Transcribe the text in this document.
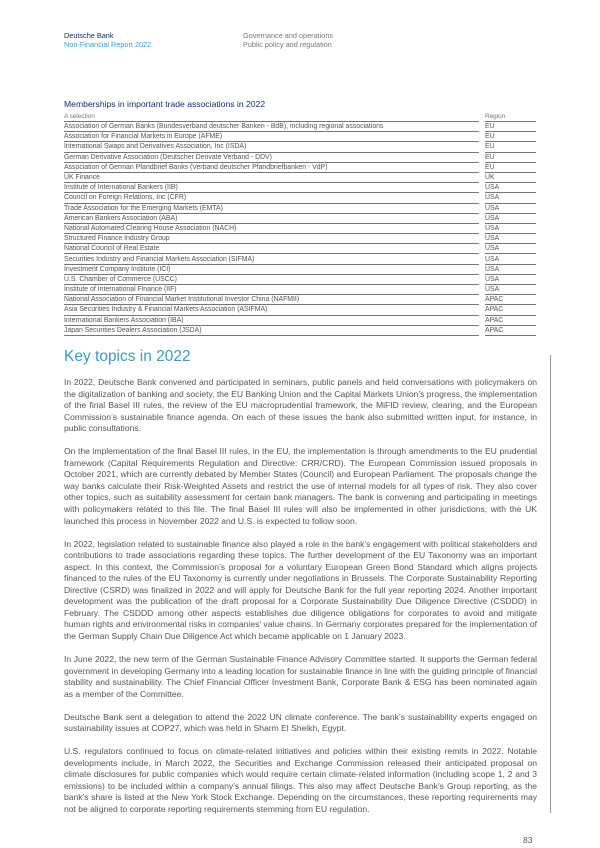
Deutsche Bank
Non-Financial Report 2022
Governance and operations
Public policy and regulation
Memberships in important trade associations in 2022
A selection		Region
Association of German Banks (Bundesverband deutscher Banken - BdB), including regional associations		EU
Association for Financial Markets in Europe (AFME)		EU
International Swaps and Derivatives Association, Inc (ISDA)		EU
German Derivative Association (Deutscher Derivate Verband - DDV)		EU
Association of German Pfandbrief Banks (Verband deutscher Pfandbriefbanken - VdP)		EU
UK Finance		UK
Institute of International Bankers (IIB)		USA
Council on Foreign Relations, Inc (CFR)		USA
Trade Association for the Emerging Markets (EMTA)		USA
American Bankers Association (ABA)		USA
National Automated Clearing House Association (NACH)		USA
Structured Finance Industry Group		USA
National Council of Real Estate		USA
Securities Industry and Financial Markets Association (SIFMA)		USA
Investment Company Institute (ICI)		USA
U.S. Chamber of Commerce (USCC)		USA
Institute of International Finance (IIF)		USA
National Association of Financial Market Institutional Investor China (NAFMII)		APAC
Asia Securities Industry & Financial Markets Association (ASIFMA)		APAC
International Bankers Association (IBA)		APAC
Japan Securities Dealers Association (JSDA)		APAC
Key topics in 2022

In 2022, Deutsche Bank convened and participated in seminars, public panels and held conversations with policymakers on the digitalization of banking and society, the EU Banking Union and the Capital Markets Union’s progress, the implementation of the final Basel III rules, the review of the EU macroprudential framework, the MiFID review, clearing, and the European Commission’s sustainable finance agenda. On each of these issues the bank also submitted written input, for instance, in public consultations.

On the implementation of the final Basel III rules, in the EU, the implementation is through amendments to the EU prudential framework (Capital Requirements Regulation and Directive: CRR/CRD). The European Commission issued proposals in October 2021, which are currently debated by Member States (Council) and European Parliament. The proposals change the way banks calculate their Risk-Weighted Assets and restrict the use of internal models for all types of risk. They also cover other topics, such as suitability assessment for certain bank managers. The bank is convening and participating in meetings with policymakers related to this file. The final Basel III rules will also be implemented in other jurisdictions, with the UK launched this process in November 2022 and U.S. is expected to follow soon.

In 2022, legislation related to sustainable finance also played a role in the bank’s engagement with political stakeholders and contributions to trade associations regarding these topics. The further development of the EU Taxonomy was an important aspect. In this context, the Commission’s proposal for a voluntary European Green Bond Standard which aligns projects financed to the rules of the EU Taxonomy is currently under negotiations in Brussels. The Corporate Sustainability Reporting Directive (CSRD) was finalized in 2022 and will apply for Deutsche Bank for the full year reporting 2024. Another important development was the publication of the draft proposal for a Corporate Sustainability Due Diligence Directive (CSDDD) in February. The CSDDD among other aspects establishes due diligence obligations for corporates to avoid and mitigate human rights and environmental risks in companies’ value chains. In Germany corporates prepared for the implementation of the German Supply Chain Due Diligence Act which became applicable on 1 January 2023.

In June 2022, the new term of the German Sustainable Finance Advisory Committee started. It supports the German federal government in developing Germany into a leading location for sustainable finance in line with the guiding principle of financial stability and sustainability. The Chief Financial Officer Investment Bank, Corporate Bank & ESG has been nominated again as a member of the Committee.

Deutsche Bank sent a delegation to attend the 2022 UN climate conference. The bank’s sustainability experts engaged on sustainability issues at COP27, which was held in Sharm El Sheikh, Egypt.

U.S. regulators continued to focus on climate-related initiatives and policies within their existing remits in 2022. Notable developments include, in March 2022, the Securities and Exchange Commission released their anticipated proposal on climate disclosures for public companies which would require certain climate-related information (including scope 1, 2 and 3 emissions) to be included within a company’s annual filings. This also may affect Deutsche Bank’s Group reporting, as the bank’s share is listed at the New York Stock Exchange. Depending on the circumstances, these reporting requirements may not be aligned to corporate reporting requirements stemming from EU regulation.

83
